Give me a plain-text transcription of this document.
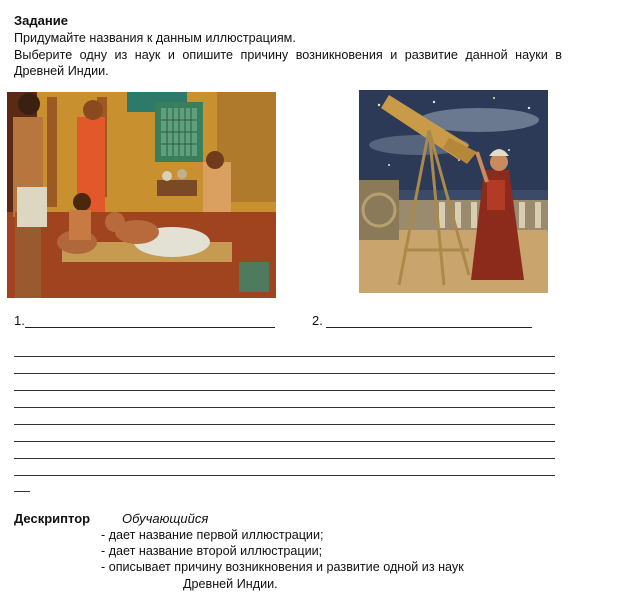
Задание
Придумайте названия к данным иллюстрациям.
Выберите одну из наук и опишите причину возникновения и развитие данной науки в Древней Индии.
1.	2.
Дескриптор Обучающийся
- дает название первой иллюстрации;
- дает название второй иллюстрации;
- описывает причину возникновения и развитие одной из наук
Древней Индии.
